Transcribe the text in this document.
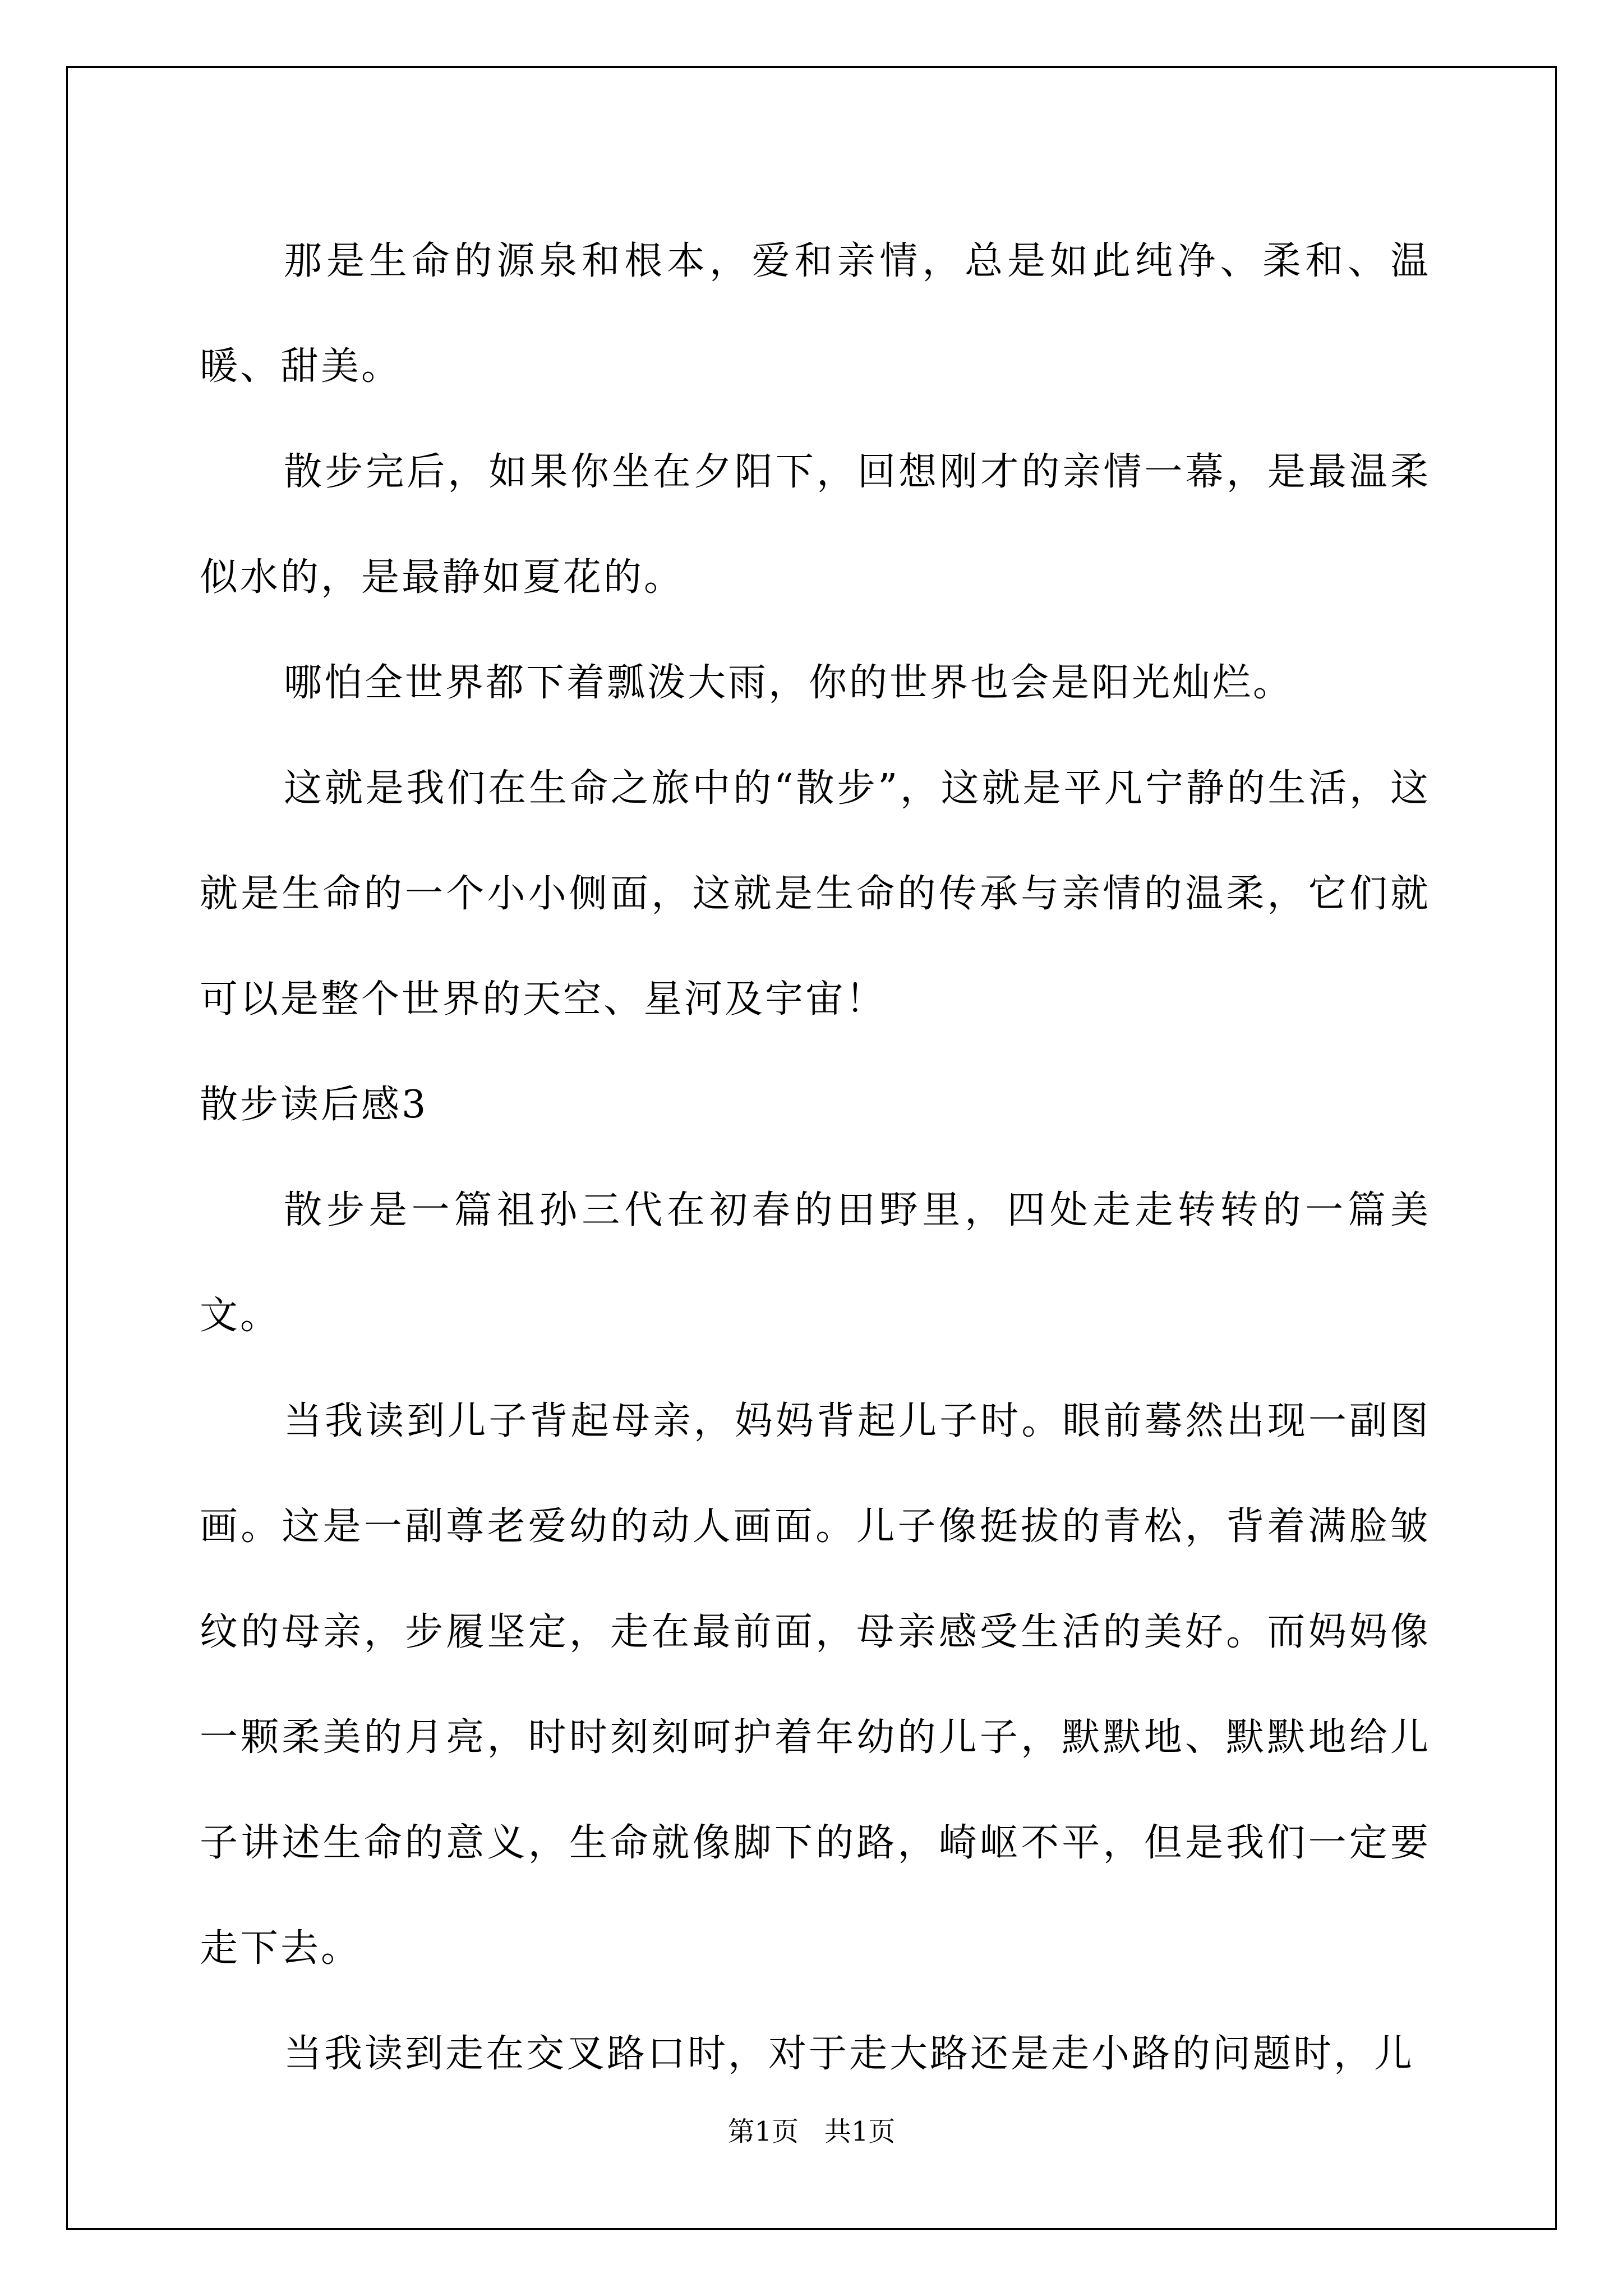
那是生命的源泉和根本，爱和亲情，总是如此纯净、柔和、温暖、甜美。

散步完后，如果你坐在夕阳下，回想刚才的亲情一幕，是最温柔似水的，是最静如夏花的。

哪怕全世界都下着瓢泼大雨，你的世界也会是阳光灿烂。

这就是我们在生命之旅中的“散步”，这就是平凡宁静的生活，这就是生命的一个小小侧面，这就是生命的传承与亲情的温柔，它们就可以是整个世界的天空、星河及宇宙！

散步读后感3

散步是一篇祖孙三代在初春的田野里，四处走走转转的一篇美文。

当我读到儿子背起母亲，妈妈背起儿子时。眼前蓦然出现一副图画。这是一副尊老爱幼的动人画面。儿子像挺拔的青松，背着满脸皱纹的母亲，步履坚定，走在最前面，母亲感受生活的美好。而妈妈像一颗柔美的月亮，时时刻刻呵护着年幼的儿子，默默地、默默地给儿子讲述生命的意义，生命就像脚下的路，崎岖不平，但是我们一定要走下去。

当我读到走在交叉路口时，对于走大路还是走小路的问题时，儿

第1页   共1页
